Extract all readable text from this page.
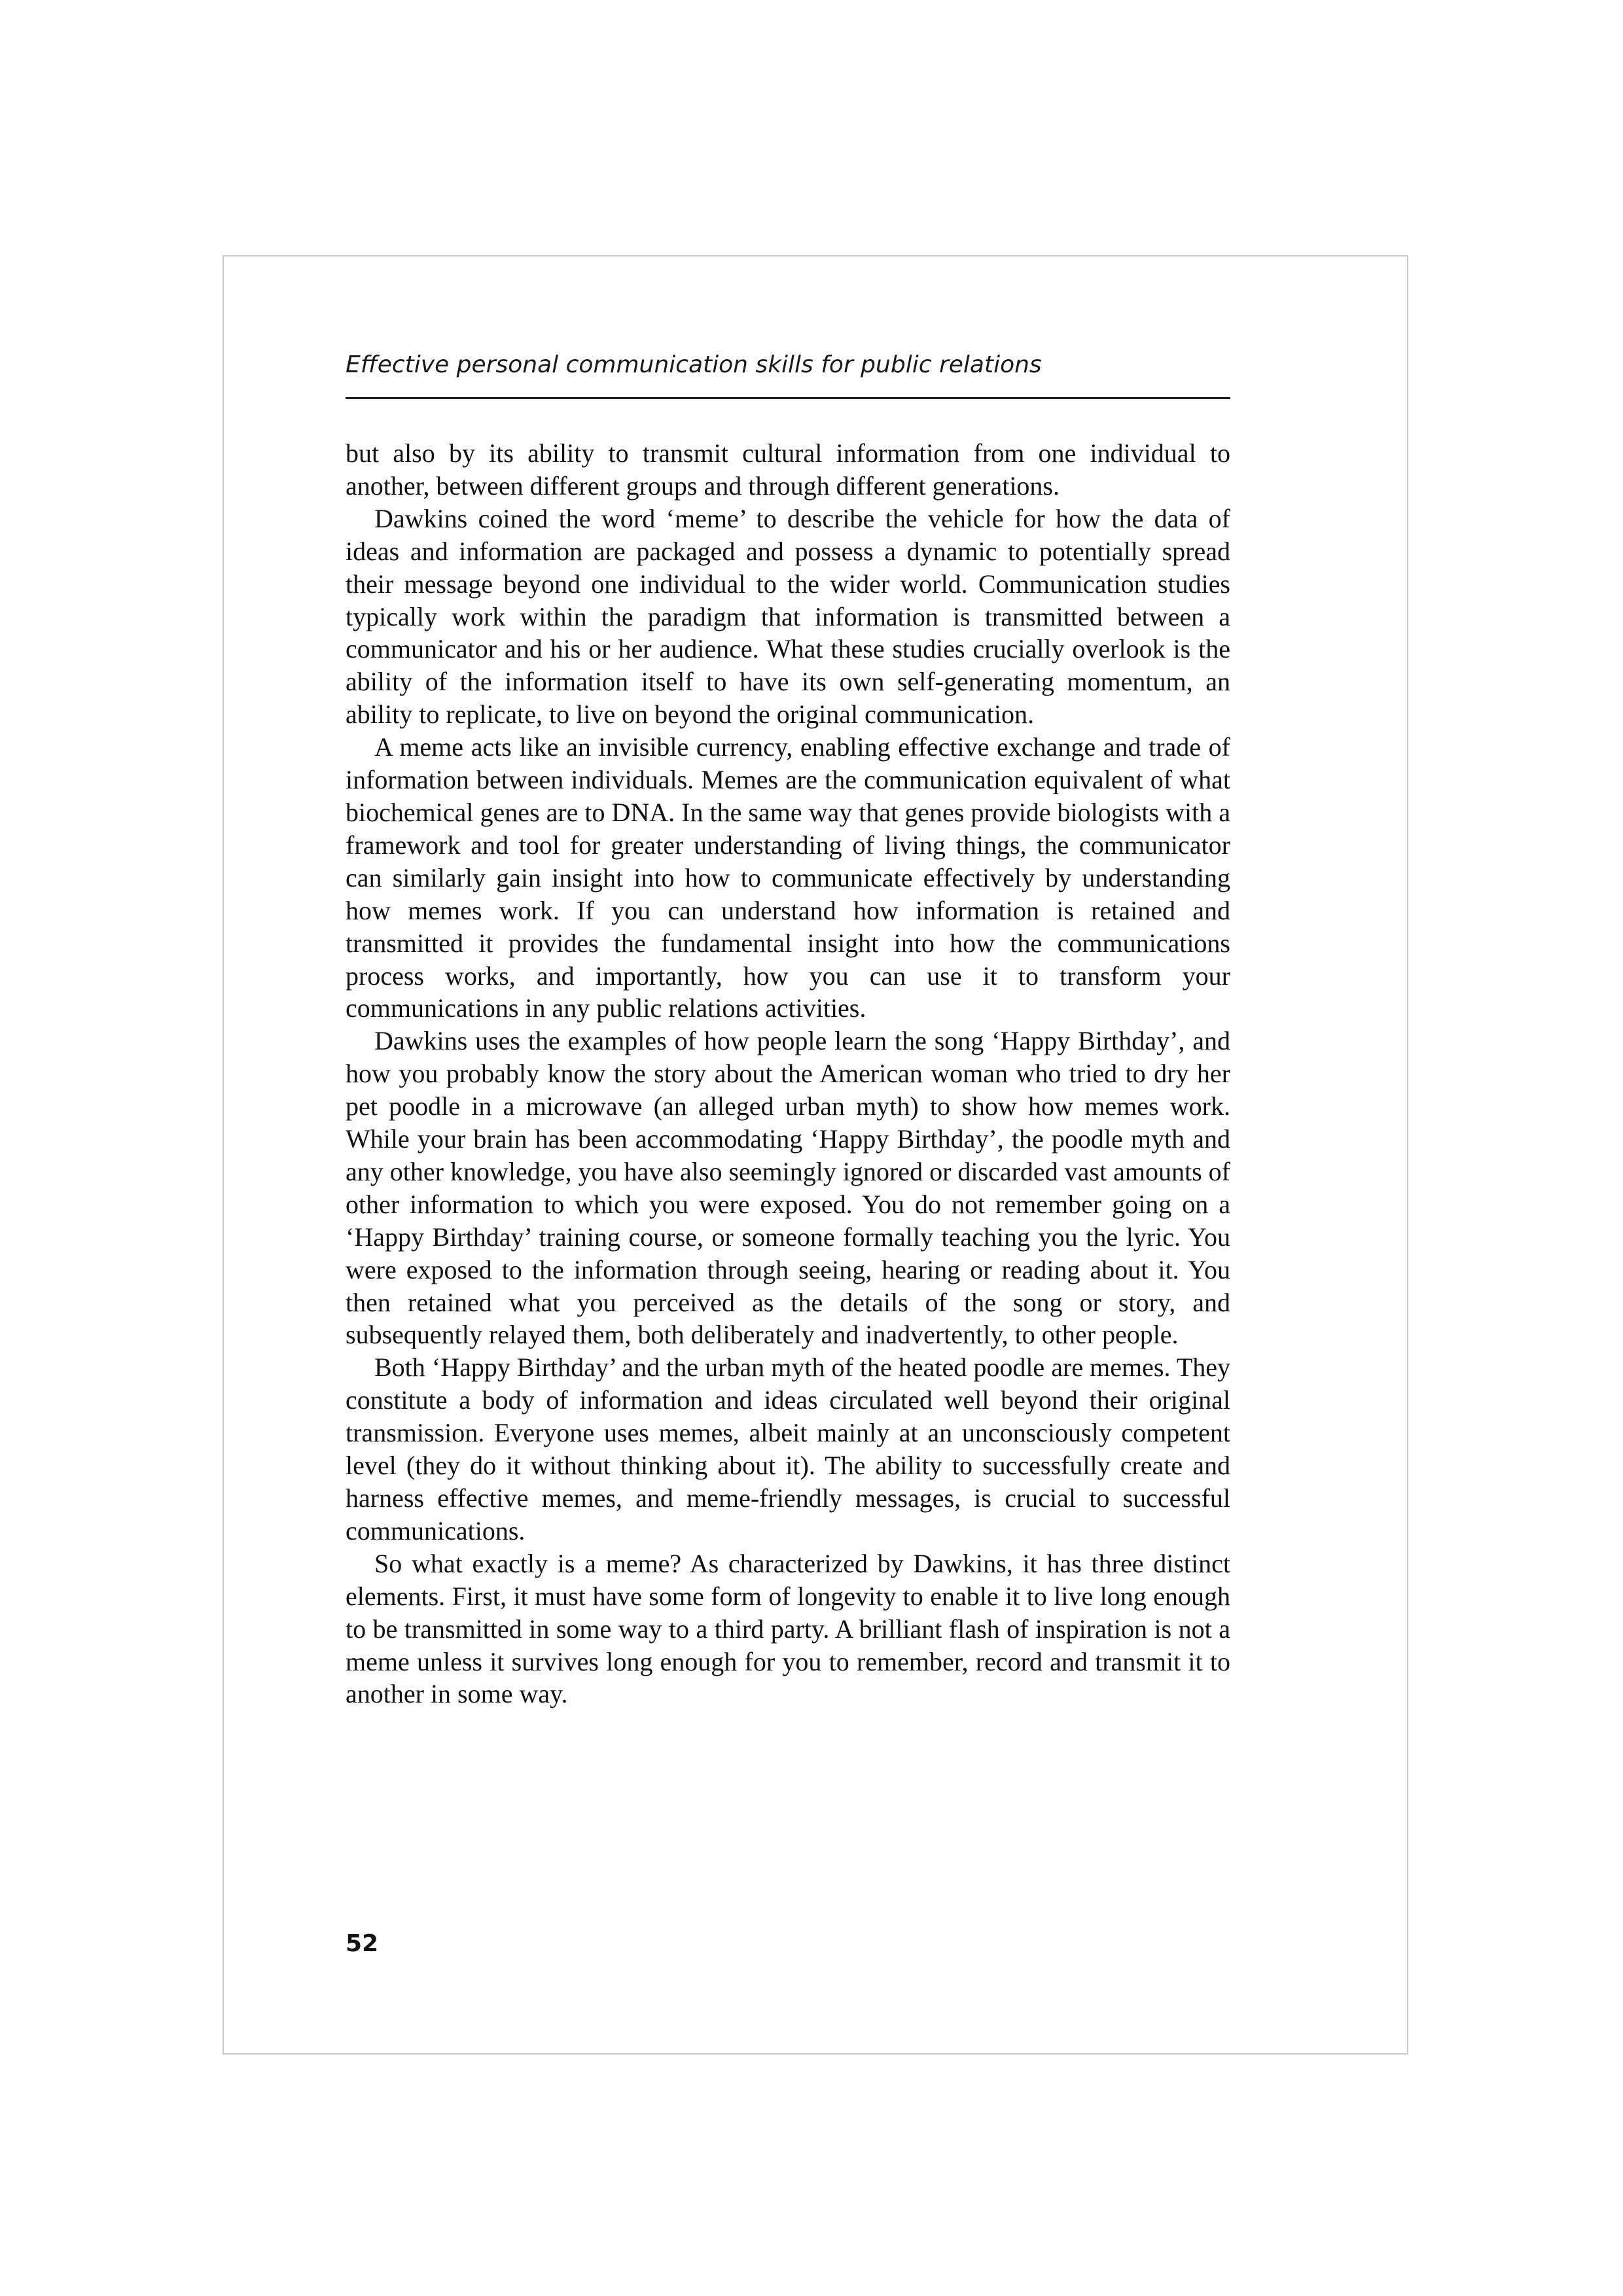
Effective personal communication skills for public relations

but also by its ability to transmit cultural information from one individual to another, between different groups and through different generations.

Dawkins coined the word ‘meme’ to describe the vehicle for how the data of ideas and information are packaged and possess a dynamic to potentially spread their message beyond one individual to the wider world. Communication studies typically work within the paradigm that information is transmitted between a communicator and his or her audience. What these studies crucially overlook is the ability of the information itself to have its own self-generating momentum, an ability to replicate, to live on beyond the original communication.

A meme acts like an invisible currency, enabling effective exchange and trade of information between individuals. Memes are the communication equivalent of what biochemical genes are to DNA. In the same way that genes provide biologists with a framework and tool for greater understanding of living things, the communicator can similarly gain insight into how to communicate effectively by understanding how memes work. If you can understand how information is retained and transmitted it provides the fundamental insight into how the communications process works, and importantly, how you can use it to transform your communications in any public relations activities.

Dawkins uses the examples of how people learn the song ‘Happy Birthday’, and how you probably know the story about the American woman who tried to dry her pet poodle in a microwave (an alleged urban myth) to show how memes work. While your brain has been accommodating ‘Happy Birthday’, the poodle myth and any other knowledge, you have also seemingly ignored or discarded vast amounts of other information to which you were exposed. You do not remember going on a ‘Happy Birthday’ training course, or someone formally teaching you the lyric. You were exposed to the information through seeing, hearing or reading about it. You then retained what you perceived as the details of the song or story, and subsequently relayed them, both deliberately and inadvertently, to other people.

Both ‘Happy Birthday’ and the urban myth of the heated poodle are memes. They constitute a body of information and ideas circulated well beyond their original transmission. Everyone uses memes, albeit mainly at an unconsciously competent level (they do it without thinking about it). The ability to successfully create and harness effective memes, and meme-friendly messages, is crucial to successful communications.

So what exactly is a meme? As characterized by Dawkins, it has three distinct elements. First, it must have some form of longevity to enable it to live long enough to be transmitted in some way to a third party. A brilliant flash of inspiration is not a meme unless it survives long enough for you to remember, record and transmit it to another in some way.

52
